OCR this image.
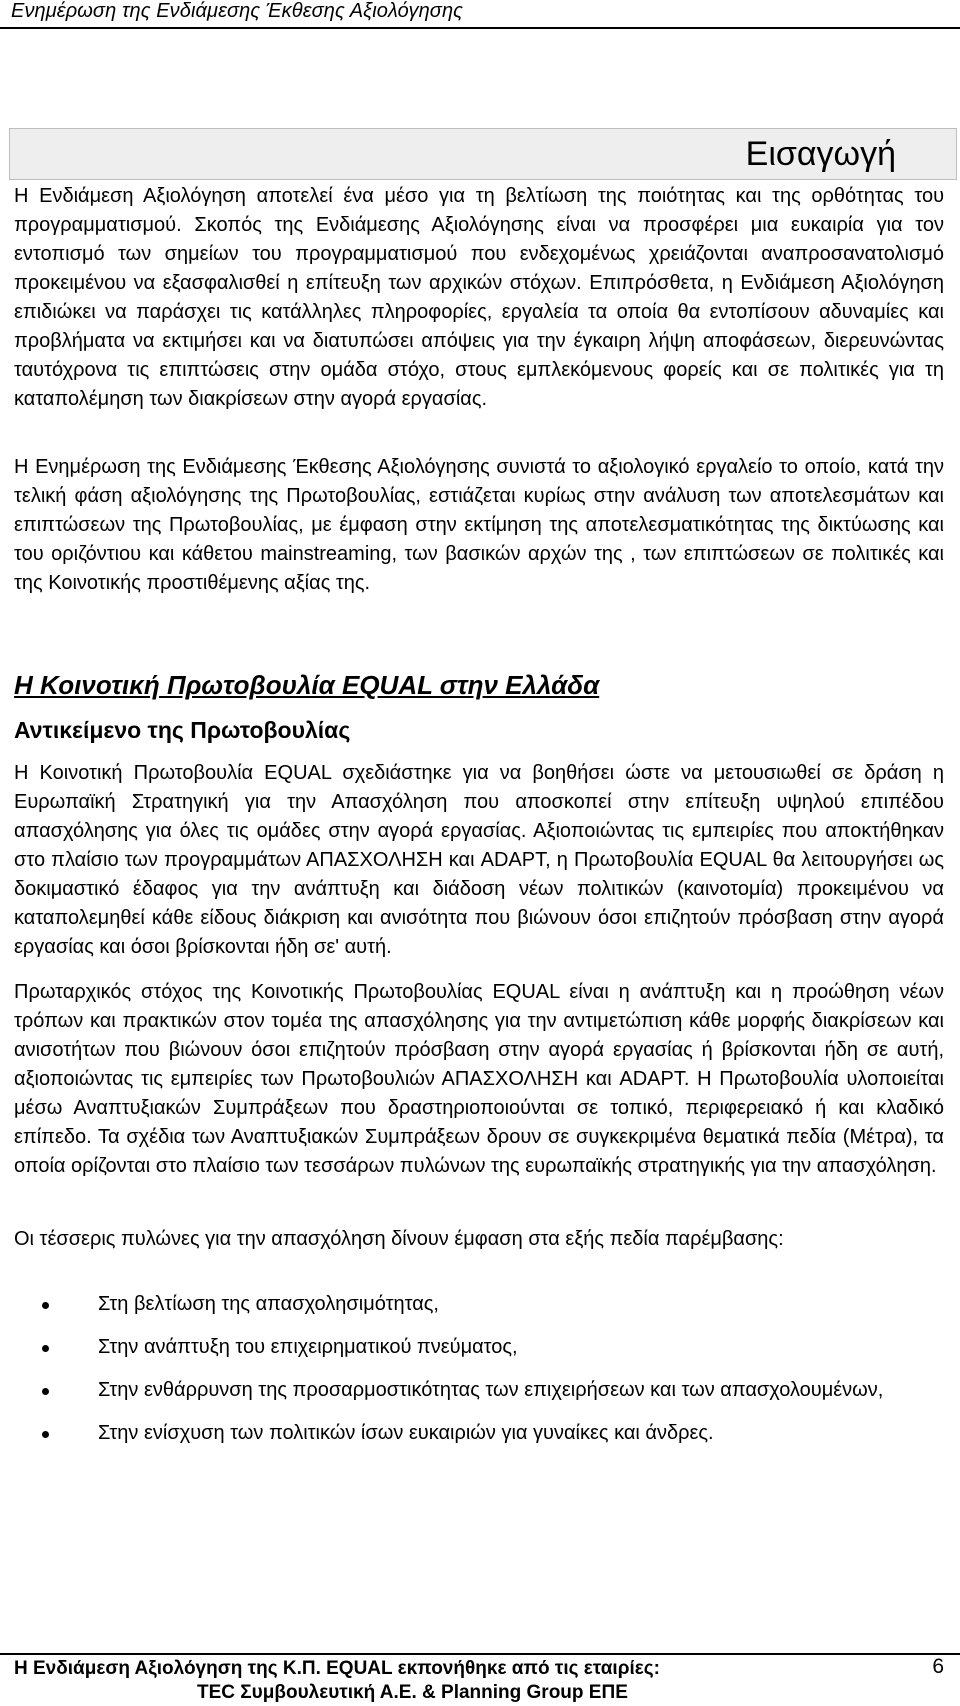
Ενημέρωση της Ενδιάμεσης Έκθεσης Αξιολόγησης
Εισαγωγή

Η Ενδιάμεση Αξιολόγηση αποτελεί ένα μέσο για τη βελτίωση της ποιότητας και της ορθότητας του προγραμματισμού. Σκοπός της Ενδιάμεσης Αξιολόγησης είναι να προσφέρει μια ευκαιρία για τον εντοπισμό των σημείων του προγραμματισμού που ενδεχομένως χρειάζονται αναπροσανατολισμό προκειμένου να εξασφαλισθεί η επίτευξη των αρχικών στόχων. Επιπρόσθετα, η Ενδιάμεση Αξιολόγηση επιδιώκει να παράσχει τις κατάλληλες πληροφορίες, εργαλεία τα οποία θα εντοπίσουν αδυναμίες και προβλήματα να εκτιμήσει και να διατυπώσει απόψεις για την έγκαιρη λήψη αποφάσεων, διερευνώντας ταυτόχρονα τις επιπτώσεις στην ομάδα στόχο, στους εμπλεκόμενους φορείς και σε πολιτικές για τη καταπολέμηση των διακρίσεων στην αγορά εργασίας.

Η Ενημέρωση της Ενδιάμεσης Έκθεσης Αξιολόγησης συνιστά το αξιολογικό εργαλείο το οποίο, κατά την τελική φάση αξιολόγησης της Πρωτοβουλίας, εστιάζεται κυρίως στην ανάλυση των αποτελεσμάτων και επιπτώσεων της Πρωτοβουλίας, με έμφαση στην εκτίμηση της αποτελεσματικότητας της δικτύωσης και του οριζόντιου και κάθετου mainstreaming, των βασικών αρχών της , των επιπτώσεων σε πολιτικές και της Κοινοτικής προστιθέμενης αξίας της.

Η Κοινοτική Πρωτοβουλία EQUAL στην Ελλάδα
Αντικείμενο της Πρωτοβουλίας

Η Κοινοτική Πρωτοβουλία EQUAL σχεδιάστηκε για να βοηθήσει ώστε να μετουσιωθεί σε δράση η Ευρωπαϊκή Στρατηγική για την Απασχόληση που αποσκοπεί στην επίτευξη υψηλού επιπέδου απασχόλησης για όλες τις ομάδες στην αγορά εργασίας. Αξιοποιώντας τις εμπειρίες που αποκτήθηκαν στο πλαίσιο των προγραμμάτων ΑΠΑΣΧΟΛΗΣΗ και ADAPT, η Πρωτοβουλία EQUAL θα λειτουργήσει ως δοκιμαστικό έδαφος για την ανάπτυξη και διάδοση νέων πολιτικών (καινοτομία) προκειμένου να καταπολεμηθεί κάθε είδους διάκριση και ανισότητα που βιώνουν όσοι επιζητούν πρόσβαση στην αγορά εργασίας και όσοι βρίσκονται ήδη σε' αυτή.

Πρωταρχικός στόχος της Κοινοτικής Πρωτοβουλίας EQUAL είναι η ανάπτυξη και η προώθηση νέων τρόπων και πρακτικών στον τομέα της απασχόλησης για την αντιμετώπιση κάθε μορφής διακρίσεων και ανισοτήτων που βιώνουν όσοι επιζητούν πρόσβαση στην αγορά εργασίας ή βρίσκονται ήδη σε αυτή, αξιοποιώντας τις εμπειρίες των Πρωτοβουλιών ΑΠΑΣΧΟΛΗΣΗ και ADAPT. Η Πρωτοβουλία υλοποιείται μέσω Αναπτυξιακών Συμπράξεων που δραστηριοποιούνται σε τοπικό, περιφερειακό ή και κλαδικό επίπεδο. Τα σχέδια των Αναπτυξιακών Συμπράξεων δρουν σε συγκεκριμένα θεματικά πεδία (Μέτρα), τα οποία ορίζονται στο πλαίσιο των τεσσάρων πυλώνων της ευρωπαϊκής στρατηγικής για την απασχόληση.

Οι τέσσερις πυλώνες για την απασχόληση δίνουν έμφαση στα εξής πεδία παρέμβασης:

Στη βελτίωση της απασχολησιμότητας,
Στην ανάπτυξη του επιχειρηματικού πνεύματος,
Στην ενθάρρυνση της προσαρμοστικότητας των επιχειρήσεων και των απασχολουμένων,
Στην ενίσχυση των πολιτικών ίσων ευκαιριών για γυναίκες και άνδρες.
Η Ενδιάμεση Αξιολόγηση της Κ.Π. EQUAL εκπονήθηκε από τις εταιρίες:
TEC Συμβουλευτική Α.Ε. & Planning Group ΕΠΕ
6
